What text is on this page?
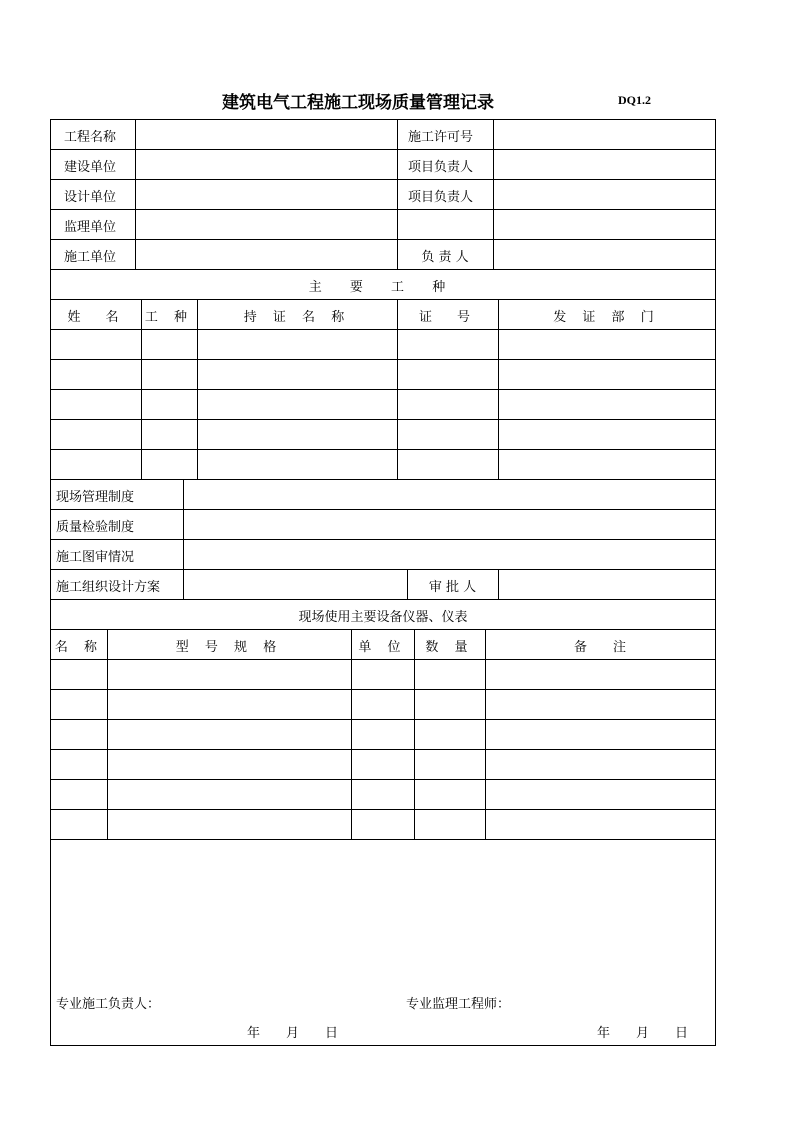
建筑电气工程施工现场质量管理记录	DQ1.2
工程名称	施工许可号
建设单位	项目负责人
设计单位	项目负责人
监理单位
施工单位	负 责 人
主 要 工 种
姓　名	工 种	持 证 名 称	证　号	发 证 部 门
现场管理制度
质量检验制度
施工图审情况
施工组织设计方案	审 批 人
现场使用主要设备仪器、仪表
名 称	型 号 规 格	单 位	数 量	备　　注
专业施工负责人：	专业监理工程师：
年　　月　　日	年　　月　　日
